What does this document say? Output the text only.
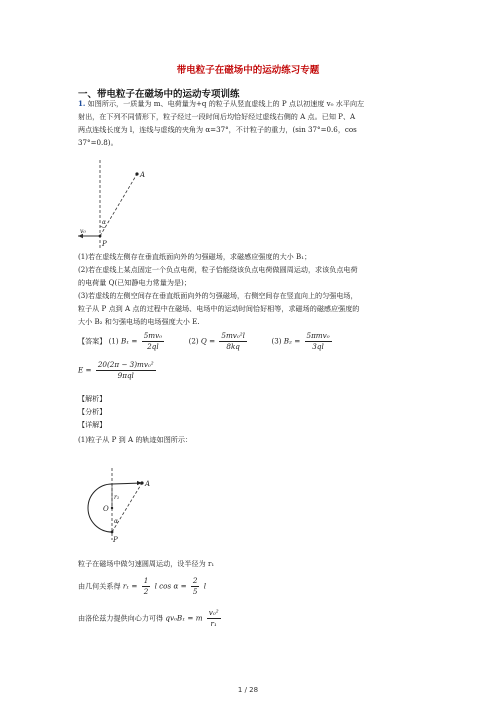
带电粒子在磁场中的运动练习专题
一、带电粒子在磁场中的运动专项训练
1. 如图所示，一质量为 m、电荷量为+q 的粒子从竖直虚线上的 P 点以初速度 v₀ 水平向左
射出，在下列不同情形下，粒子经过一段时间后均恰好经过虚线右侧的 A 点。已知 P、A
两点连线长度为 l，连线与虚线的夹角为 α=37°，不计粒子的重力，(sin 37°=0.6，cos
37°=0.8)。
A
P
α
v₀
(1)若在虚线左侧存在垂直纸面向外的匀强磁场，求磁感应强度的大小 B₁；
(2)若在虚线上某点固定一个负点电荷，粒子恰能绕该负点电荷做圆周运动，求该负点电荷
的电荷量 Q(已知静电力常量为是)；
(3)若虚线的左侧空间存在垂直纸面向外的匀强磁场，右侧空间存在竖直向上的匀强电场，
粒子从 P 点到 A 点的过程中在磁场、电场中的运动时间恰好相等，求磁场的磁感应强度的
大小 B₂ 和匀强电场的电场强度大小 E.
【答案】 (1) $B_1 = \frac{\text{5mv₀}}{2ql}$	(2) $Q = \frac{\text{5mv₀²l}}{8kq}$	(3) $B_2 = \frac{\text{5πmv₀}}{3ql}$
$E = \frac{\text{20(2π − 3)mv₀²}}{\text{9πql}}$
【解析】
【分析】
【详解】
(1)粒子从 P 到 A 的轨迹如图所示：
A
P
O
α
r₁
粒子在磁场中做匀速圆周运动，设半径为 r₁
由几何关系得 $r_1 = \frac{1}{2}$ l $\cos \alpha = \frac{2}{5}$ l
由洛伦兹力提供向心力可得 qv₀B₁ = m $\frac{\text{v₀²}}{\text{r₁}}$
1 / 28
